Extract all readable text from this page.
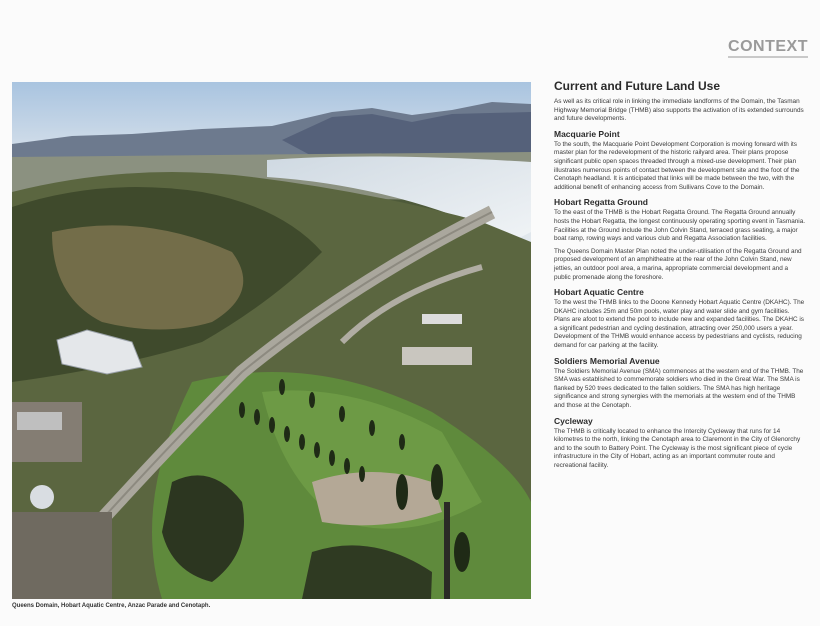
CONTEXT
Queens Domain, Hobart Aquatic Centre, Anzac Parade and Cenotaph.
Current and Future Land Use
As well as its critical role in linking the immediate landforms of the Domain, the Tasman Highway Memorial Bridge (THMB) also supports the activation of its extended surrounds and future developments.
Macquarie Point
To the south, the Macquarie Point Development Corporation is moving forward with its master plan for the redevelopment of the historic railyard area. Their plans propose significant public open spaces threaded through a mixed-use development. Their plan illustrates numerous points of contact between the development site and the foot of the Cenotaph headland. It is anticipated that links will be made between the two, with the additional benefit of enhancing access from Sullivans Cove to the Domain.
Hobart Regatta Ground
To the east of the THMB is the Hobart Regatta Ground. The Regatta Ground annually hosts the Hobart Regatta, the longest continuously operating sporting event in Tasmania. Facilities at the Ground include the John Colvin Stand, terraced grass seating, a major boat ramp, rowing ways and various club and Regatta Association facilities.
The Queens Domain Master Plan noted the under-utilisation of the Regatta Ground and proposed development of an amphitheatre at the rear of the John Colvin Stand, new jetties, an outdoor pool area, a marina, appropriate commercial development and a public promenade along the foreshore.
Hobart Aquatic Centre
To the west the THMB links to the Doone Kennedy Hobart Aquatic Centre (DKAHC). The DKAHC includes 25m and 50m pools, water play and water slide and gym facilities. Plans are afoot to extend the pool to include new and expanded facilities. The DKAHC is a significant pedestrian and cycling destination, attracting over 250,000 users a year. Development of the THMB would enhance access by pedestrians and cyclists, reducing demand for car parking at the facility.
Soldiers Memorial Avenue
The Soldiers Memorial Avenue (SMA) commences at the western end of the THMB. The SMA was established to commemorate soldiers who died in the Great War. The SMA is flanked by 520 trees dedicated to the fallen soldiers. The SMA has high heritage significance and strong synergies with the memorials at the western end of the THMB and those at the Cenotaph.
Cycleway
The THMB is critically located to enhance the Intercity Cycleway that runs for 14 kilometres to the north, linking the Cenotaph area to Claremont in the City of Glenorchy and to the south to Battery Point. The Cycleway is the most significant piece of cycle infrastructure in the City of Hobart, acting as an important commuter route and recreational facility.
